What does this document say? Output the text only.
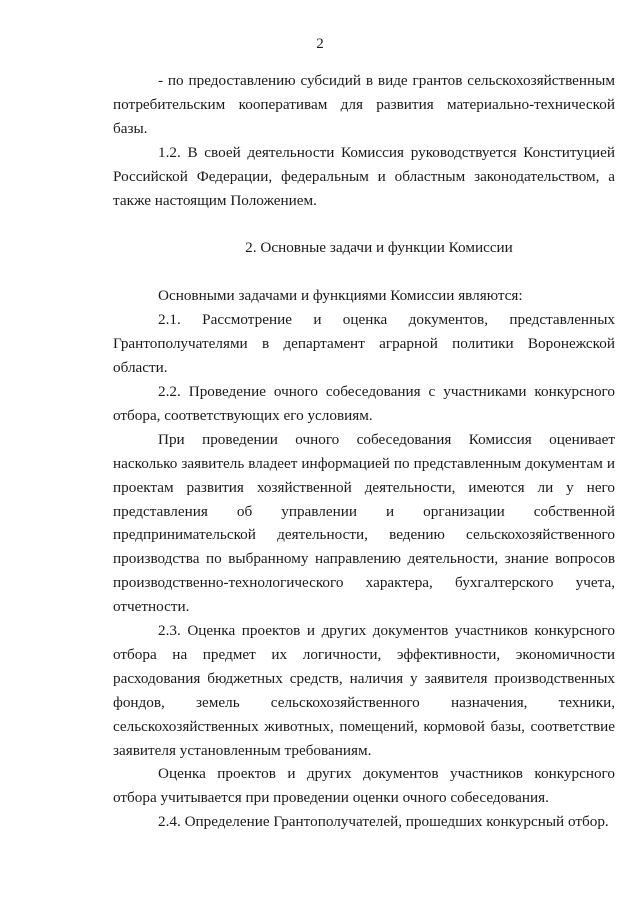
2

- по предоставлению субсидий в виде грантов сельскохозяйственным потребительским кооперативам для развития материально-технической базы.

1.2. В своей деятельности Комиссия руководствуется Конституцией Российской Федерации, федеральным и областным законодательством, а также настоящим Положением.

2. Основные задачи и функции Комиссии

Основными задачами и функциями Комиссии являются:

2.1. Рассмотрение и оценка документов, представленных Грантополучателями в департамент аграрной политики Воронежской области.

2.2. Проведение очного собеседования с участниками конкурсного отбора, соответствующих его условиям.

При проведении очного собеседования Комиссия оценивает насколько заявитель владеет информацией по представленным документам и проектам развития хозяйственной деятельности, имеются ли у него представления об управлении и организации собственной предпринимательской деятельности, ведению сельскохозяйственного производства по выбранному направлению деятельности, знание вопросов производственно-технологического характера, бухгалтерского учета, отчетности.

2.3. Оценка проектов и других документов участников конкурсного отбора на предмет их логичности, эффективности, экономичности расходования бюджетных средств, наличия у заявителя производственных фондов, земель сельскохозяйственного назначения, техники, сельскохозяйственных животных, помещений, кормовой базы, соответствие заявителя установленным требованиям.

Оценка проектов и других документов участников конкурсного отбора учитывается при проведении оценки очного собеседования.

2.4. Определение Грантополучателей, прошедших конкурсный отбор.
